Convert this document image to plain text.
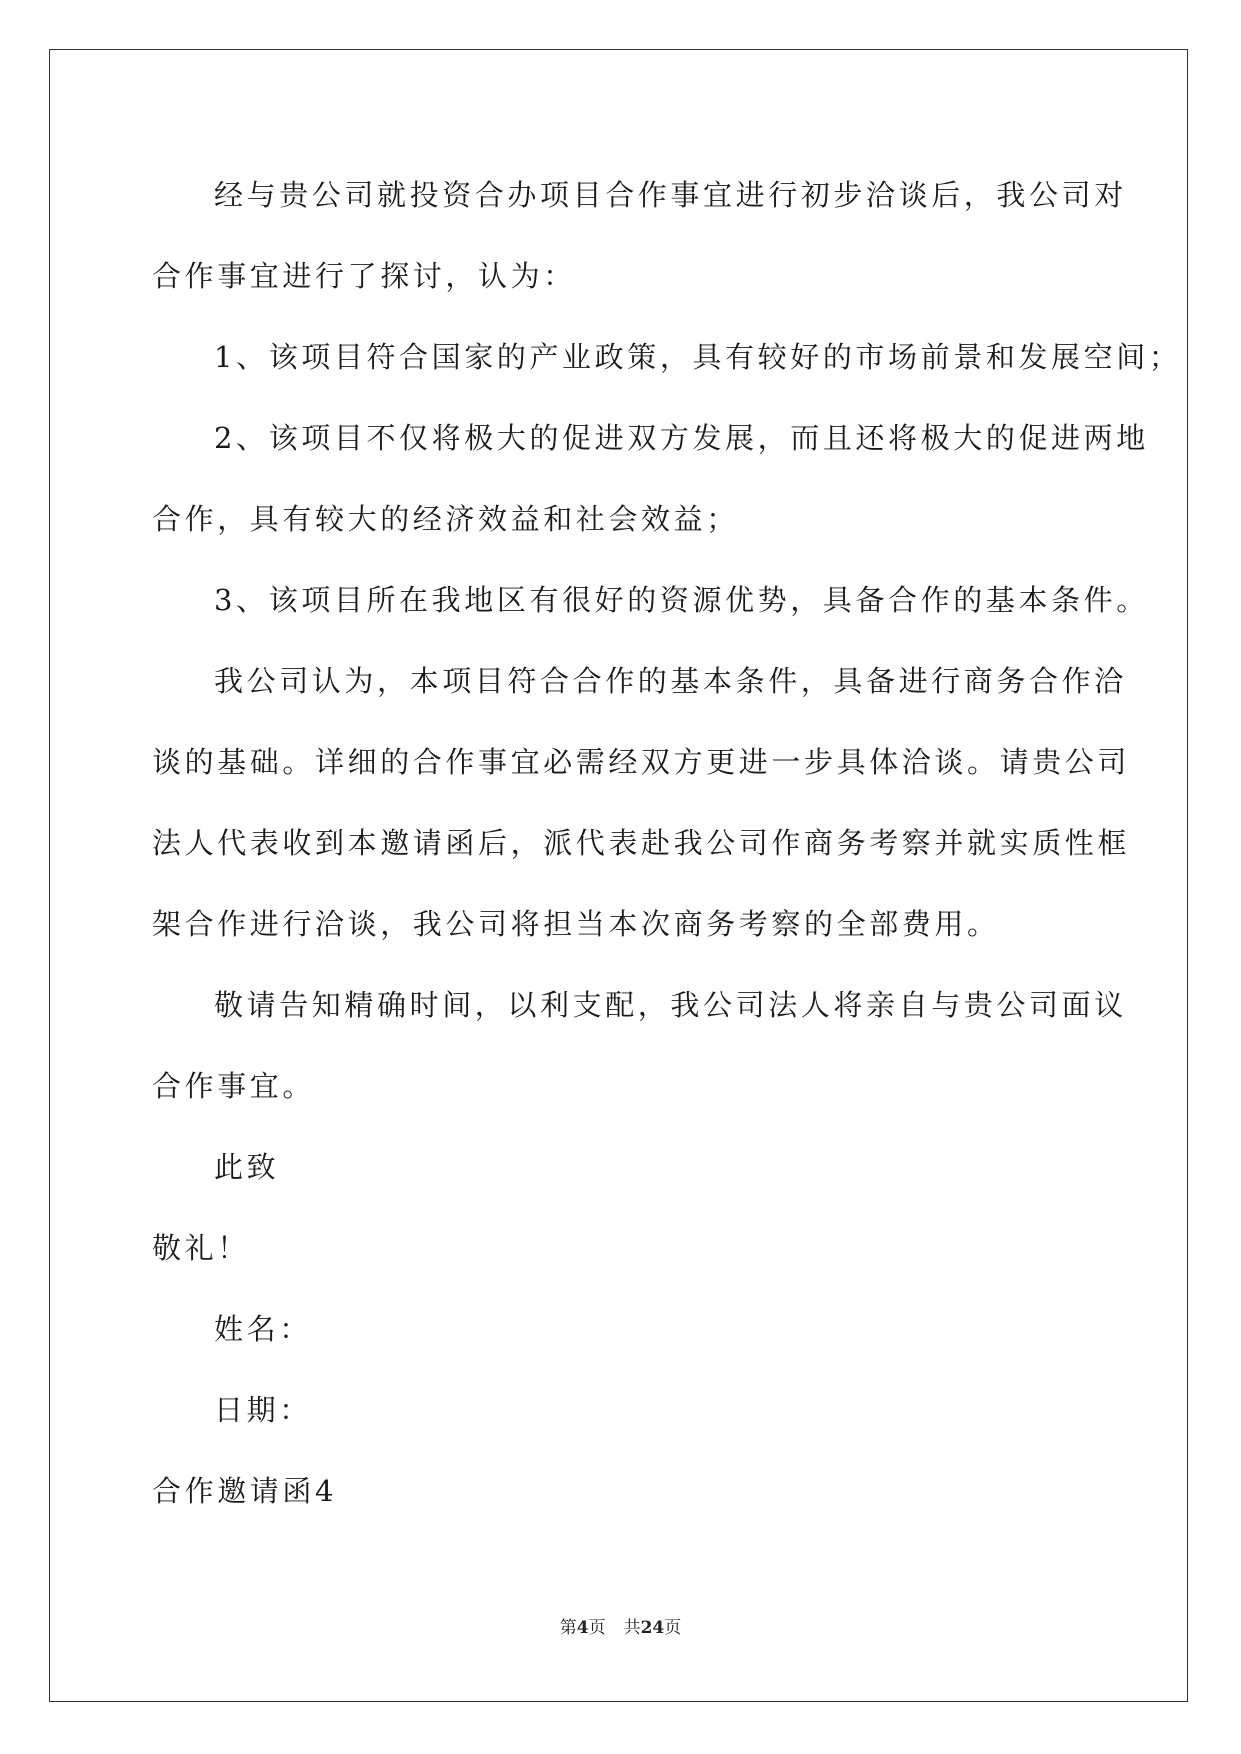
经与贵公司就投资合办项目合作事宜进行初步洽谈后，我公司对
合作事宜进行了探讨，认为：
1、该项目符合国家的产业政策，具有较好的市场前景和发展空间；
2、该项目不仅将极大的促进双方发展，而且还将极大的促进两地
合作，具有较大的经济效益和社会效益；
3、该项目所在我地区有很好的资源优势，具备合作的基本条件。
我公司认为，本项目符合合作的基本条件，具备进行商务合作洽
谈的基础。详细的合作事宜必需经双方更进一步具体洽谈。请贵公司
法人代表收到本邀请函后，派代表赴我公司作商务考察并就实质性框
架合作进行洽谈，我公司将担当本次商务考察的全部费用。
敬请告知精确时间，以利支配，我公司法人将亲自与贵公司面议
合作事宜。
此致
敬礼！
姓名：
日期：
合作邀请函4
第4页 共24页
